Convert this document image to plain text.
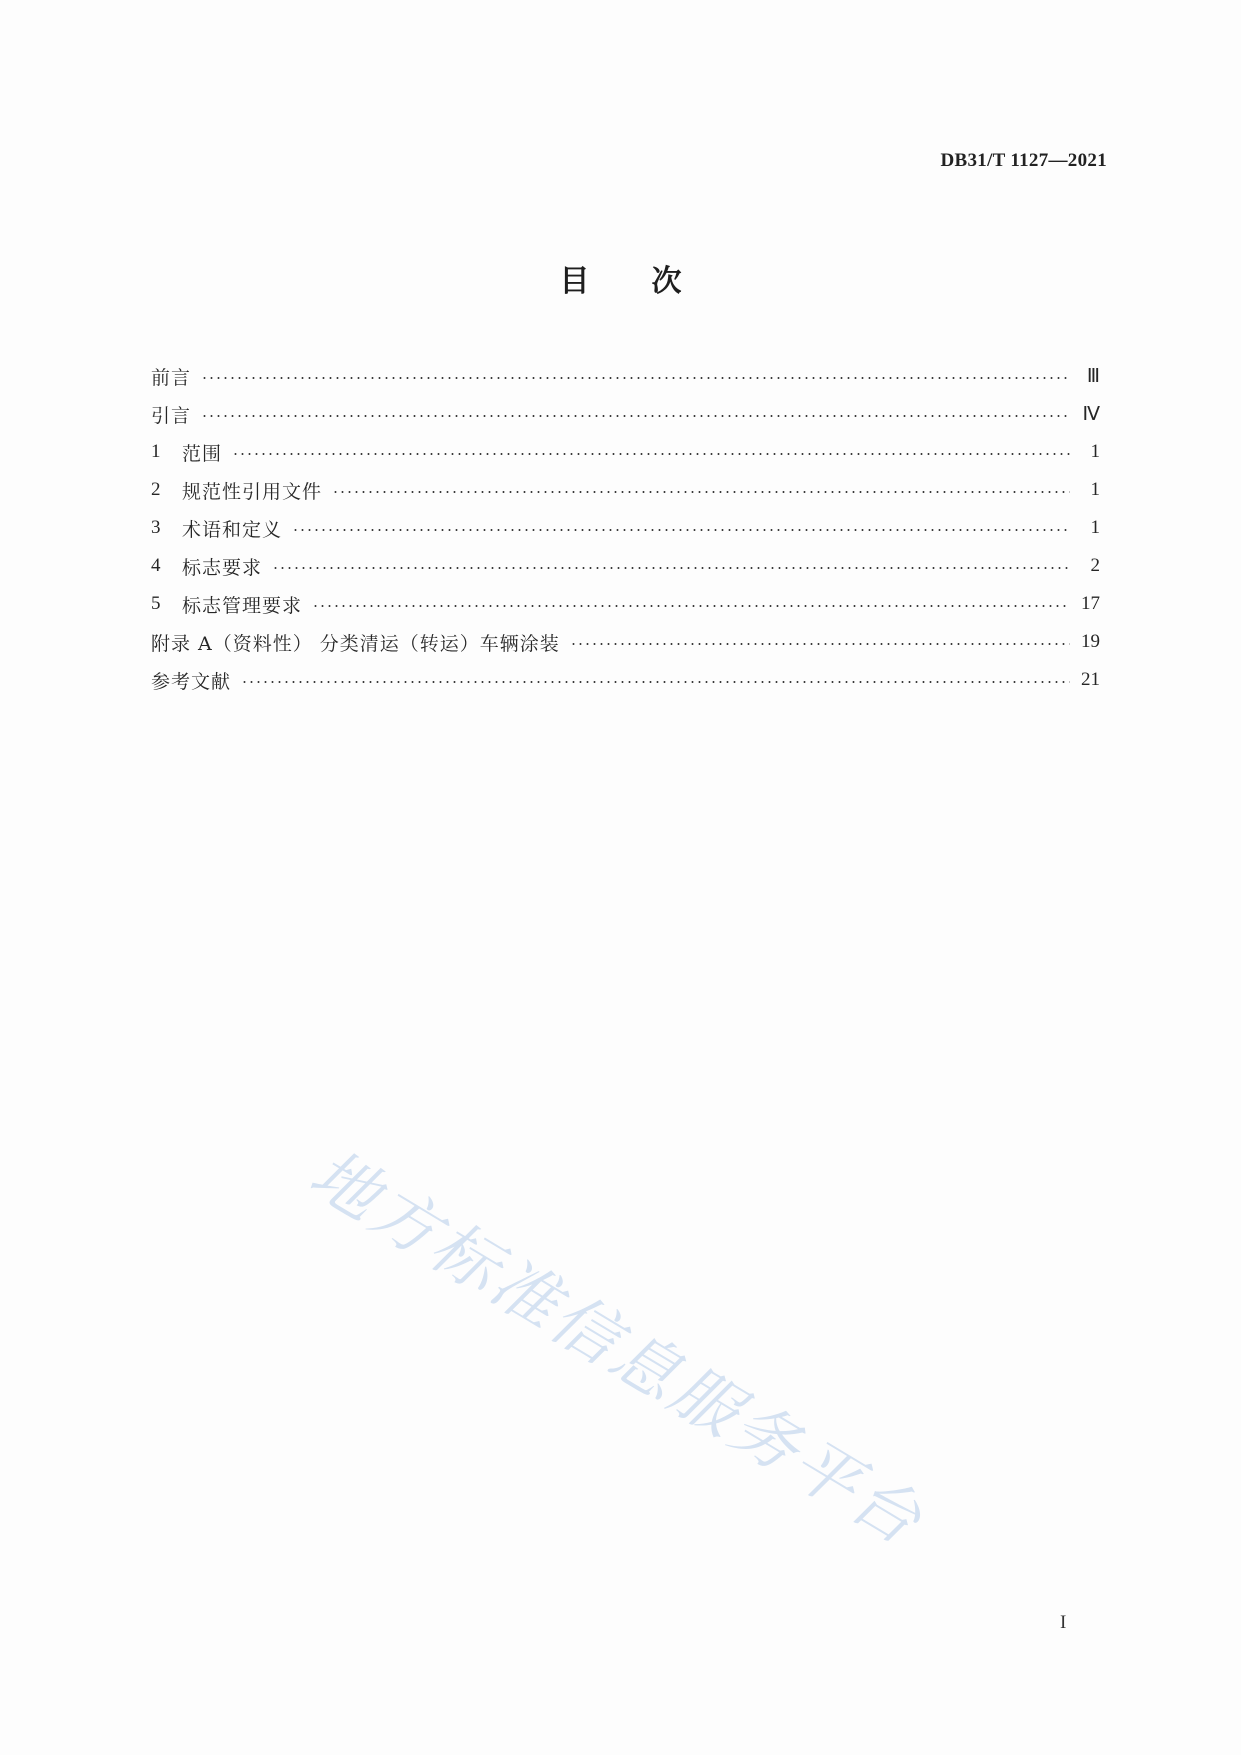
DB31/T 1127—2021
目 次
前言	Ⅲ
引言	Ⅳ
1	范围	1
2	规范性引用文件	1
3	术语和定义	1
4	标志要求	2
5	标志管理要求	17
附录 A（资料性） 分类清运（转运）车辆涂装	19
参考文献	21
地方标准信息服务平台
I
